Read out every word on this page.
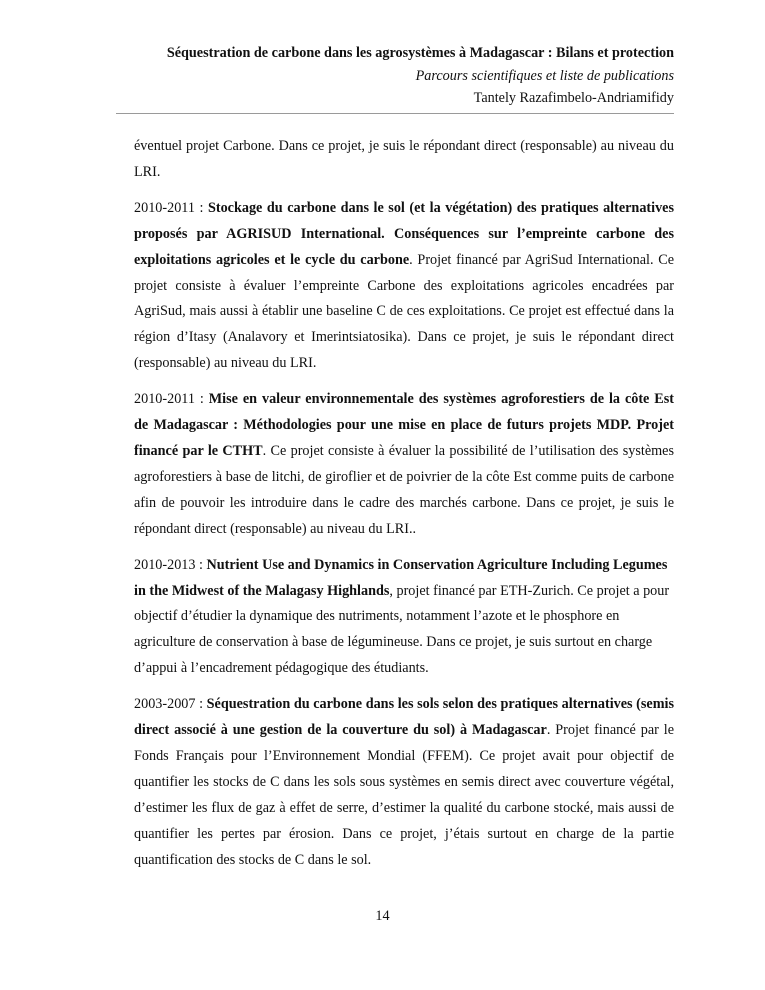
Séquestration de carbone dans les agrosystèmes à Madagascar : Bilans et protection
Parcours scientifiques et liste de publications
Tantely Razafimbelo-Andriamifidy

éventuel projet Carbone. Dans ce projet, je suis le répondant direct (responsable) au niveau du LRI.

2010-2011 : Stockage du carbone dans le sol (et la végétation) des pratiques alternatives proposés par AGRISUD International. Conséquences sur l’empreinte carbone des exploitations agricoles et le cycle du carbone. Projet financé par AgriSud International. Ce projet consiste à évaluer l’empreinte Carbone des exploitations agricoles encadrées par AgriSud, mais aussi à établir une baseline C de ces exploitations. Ce projet est effectué dans la région d’Itasy (Analavory et Imerintsiatosika). Dans ce projet, je suis le répondant direct (responsable) au niveau du LRI.

2010-2011 : Mise en valeur environnementale des systèmes agroforestiers de la côte Est de Madagascar : Méthodologies pour une mise en place de futurs projets MDP. Projet financé par le CTHT. Ce projet consiste à évaluer la possibilité de l’utilisation des systèmes agroforestiers à base de litchi, de giroflier et de poivrier de la côte Est comme puits de carbone afin de pouvoir les introduire dans le cadre des marchés carbone. Dans ce projet, je suis le répondant direct (responsable) au niveau du LRI..

2010-2013 : Nutrient Use and Dynamics in Conservation Agriculture Including Legumes in the Midwest of the Malagasy Highlands, projet financé par ETH-Zurich. Ce projet a pour objectif d’étudier la dynamique des nutriments, notamment l’azote et le phosphore en agriculture de conservation à base de légumineuse. Dans ce projet, je suis surtout en charge d’appui à l’encadrement pédagogique des étudiants.

2003-2007 : Séquestration du carbone dans les sols selon des pratiques alternatives (semis direct associé à une gestion de la couverture du sol) à Madagascar. Projet financé par le Fonds Français pour l’Environnement Mondial (FFEM). Ce projet avait pour objectif de quantifier les stocks de C dans les sols sous systèmes en semis direct avec couverture végétal, d’estimer les flux de gaz à effet de serre, d’estimer la qualité du carbone stocké, mais aussi de quantifier les pertes par érosion. Dans ce projet, j’étais surtout en charge de la partie quantification des stocks de C dans le sol.

14
